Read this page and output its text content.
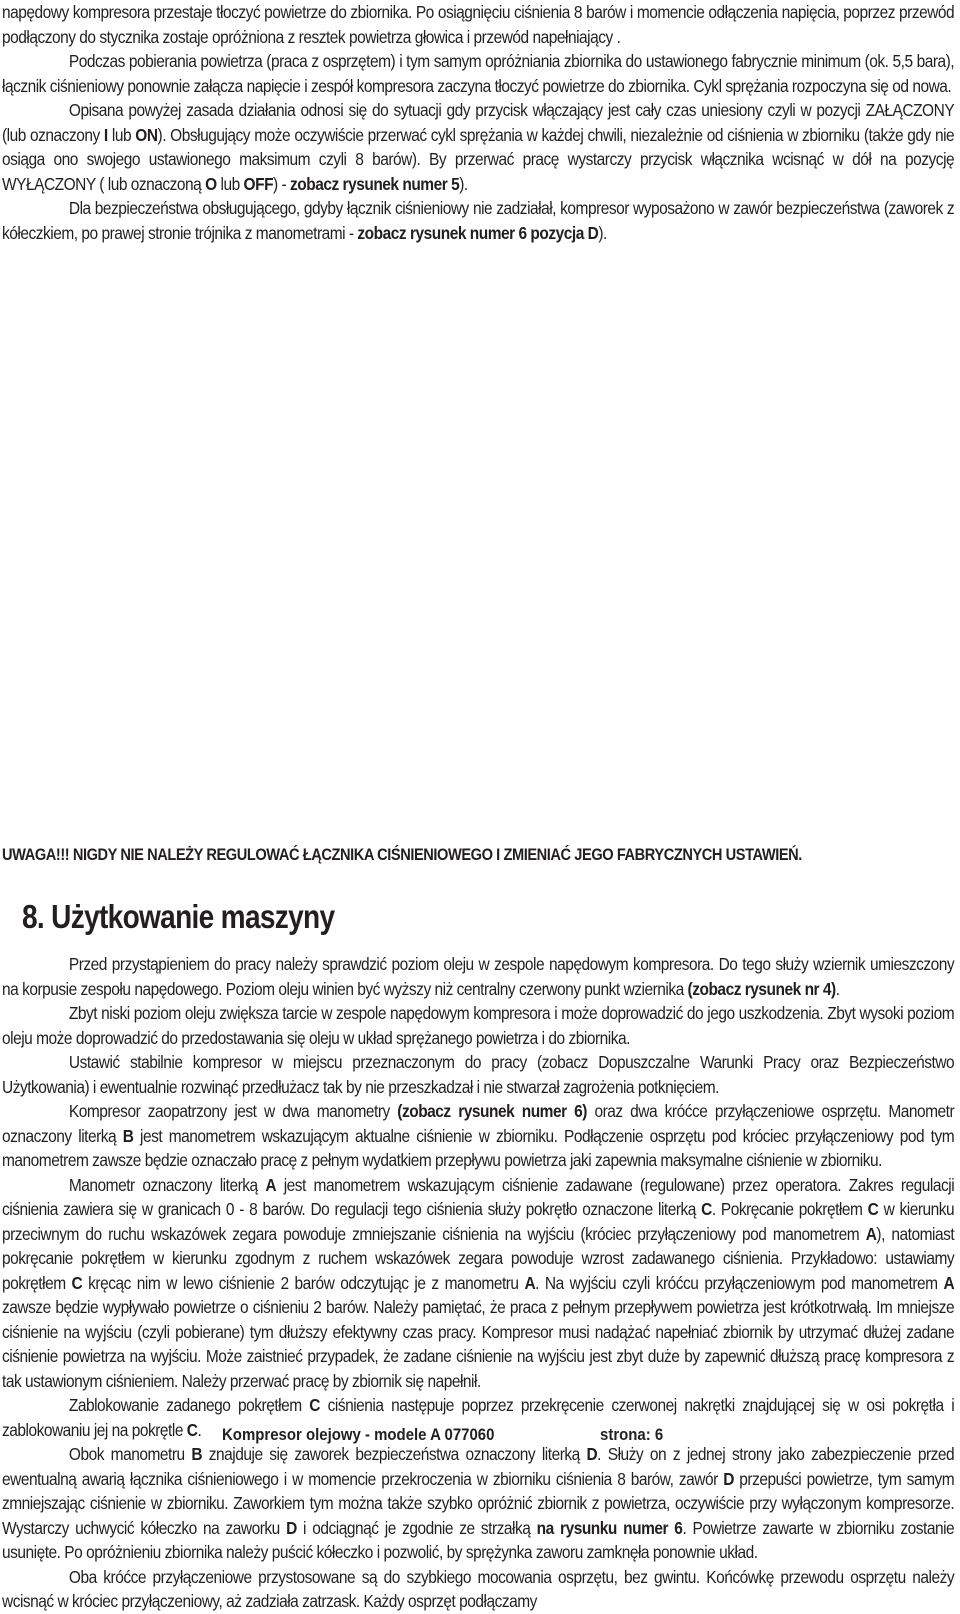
napędowy kompresora przestaje tłoczyć powietrze do zbiornika. Po osiągnięciu ciśnienia 8 barów i momencie odłączenia napięcia, poprzez przewód podłączony do stycznika zostaje opróżniona z resztek powietrza głowica i przewód napełniający .

Podczas pobierania powietrza (praca z osprzętem) i tym samym opróżniania zbiornika do ustawionego fabrycznie minimum (ok. 5,5 bara), łącznik ciśnieniowy ponownie załącza napięcie i zespół kompresora zaczyna tłoczyć powietrze do zbiornika. Cykl sprężania rozpoczyna się od nowa.

Opisana powyżej zasada działania odnosi się do sytuacji gdy przycisk włączający jest cały czas uniesiony czyli w pozycji ZAŁĄCZONY (lub oznaczony I lub ON). Obsługujący może oczywiście przerwać cykl sprężania w każdej chwili, niezależnie od ciśnienia w zbiorniku (także gdy nie osiąga ono swojego ustawionego maksimum czyli 8 barów). By przerwać pracę wystarczy przycisk włącznika wcisnąć w dół na pozycję WYŁĄCZONY ( lub oznaczoną O lub OFF) - zobacz rysunek numer 5).

Dla bezpieczeństwa obsługującego, gdyby łącznik ciśnieniowy nie zadziałał, kompresor wyposażono w zawór bezpieczeństwa (zaworek z kółeczkiem, po prawej stronie trójnika z manometrami - zobacz rysunek numer 6 pozycja D).

UWAGA!!! NIGDY NIE NALEŻY REGULOWAĆ ŁĄCZNIKA CIŚNIENIOWEGO I ZMIENIAĆ JEGO FABRYCZNYCH USTAWIEŃ.

8. Użytkowanie maszyny

Przed przystąpieniem do pracy należy sprawdzić poziom oleju w zespole napędowym kompresora. Do tego służy wziernik umieszczony na korpusie zespołu napędowego. Poziom oleju winien być wyższy niż centralny czerwony punkt wziernika (zobacz rysunek nr 4).

Zbyt niski poziom oleju zwiększa tarcie w zespole napędowym kompresora i może doprowadzić do jego uszkodzenia. Zbyt wysoki poziom oleju może doprowadzić do przedostawania się oleju w układ sprężanego powietrza i do zbiornika.

Ustawić stabilnie kompresor w miejscu przeznaczonym do pracy (zobacz Dopuszczalne Warunki Pracy oraz Bezpieczeństwo Użytkowania) i ewentualnie rozwinąć przedłużacz tak by nie przeszkadzał i nie stwarzał zagrożenia potknięciem.

Kompresor zaopatrzony jest w dwa manometry (zobacz rysunek numer 6) oraz dwa króćce przyłączeniowe osprzętu. Manometr oznaczony literką B jest manometrem wskazującym aktualne ciśnienie w zbiorniku. Podłączenie osprzętu pod króciec przyłączeniowy pod tym manometrem zawsze będzie oznaczało pracę z pełnym wydatkiem przepływu powietrza jaki zapewnia maksymalne ciśnienie w zbiorniku.

Manometr oznaczony literką A jest manometrem wskazującym ciśnienie zadawane (regulowane) przez operatora. Zakres regulacji ciśnienia zawiera się w granicach 0 - 8 barów. Do regulacji tego ciśnienia służy pokrętło oznaczone literką C. Pokręcanie pokrętłem C w kierunku przeciwnym do ruchu wskazówek zegara powoduje zmniejszanie ciśnienia na wyjściu (króciec przyłączeniowy pod manometrem A), natomiast pokręcanie pokrętłem w kierunku zgodnym z ruchem wskazówek zegara powoduje wzrost zadawanego ciśnienia. Przykładowo: ustawiamy pokrętłem C kręcąc nim w lewo ciśnienie 2 barów odczytując je z manometru A. Na wyjściu czyli króćcu przyłączeniowym pod manometrem A zawsze będzie wypływało powietrze o ciśnieniu 2 barów. Należy pamiętać, że praca z pełnym przepływem powietrza jest krótkotrwałą. Im mniejsze ciśnienie na wyjściu (czyli pobierane) tym dłuższy efektywny czas pracy. Kompresor musi nadążać napełniać zbiornik by utrzymać dłużej zadane ciśnienie powietrza na wyjściu. Może zaistnieć przypadek, że zadane ciśnienie na wyjściu jest zbyt duże by zapewnić dłuższą pracę kompresora z tak ustawionym ciśnieniem. Należy przerwać pracę by zbiornik się napełnił.

Zablokowanie zadanego pokrętłem C ciśnienia następuje poprzez przekręcenie czerwonej nakrętki znajdującej się w osi pokrętła i zablokowaniu jej na pokrętle C.

Obok manometru B znajduje się zaworek bezpieczeństwa oznaczony literką D. Służy on z jednej strony jako zabezpieczenie przed ewentualną awarią łącznika ciśnieniowego i w momencie przekroczenia w zbiorniku ciśnienia 8 barów, zawór D przepuści powietrze, tym samym zmniejszając ciśnienie w zbiorniku. Zaworkiem tym można także szybko opróżnić zbiornik z powietrza, oczywiście przy wyłączonym kompresorze. Wystarczy uchwycić kółeczko na zaworku D i odciągnąć je zgodnie ze strzałką na rysunku numer 6. Powietrze zawarte w zbiorniku zostanie usunięte. Po opróżnieniu zbiornika należy puścić kółeczko i pozwolić, by sprężynka zaworu zamknęła ponownie układ.

Oba króćce przyłączeniowe przystosowane są do szybkiego mocowania osprzętu, bez gwintu. Końcówkę przewodu osprzętu należy wcisnąć w króciec przyłączeniowy, aż zadziała zatrzask. Każdy osprzęt podłączamy

Kompresor olejowy - modele A 077060	strona: 6
